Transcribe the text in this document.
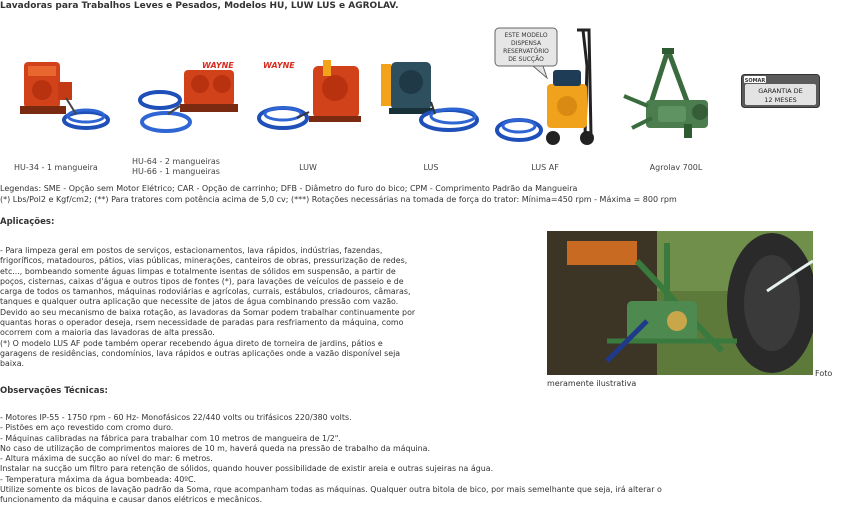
Lavadoras para Trabalhos Leves e Pesados, Modelos HU, LUW LUS e AGROLAV.
HU-34 - 1 mangueira
WAYNE
HU-64 - 2 mangueiras
HU-66 - 1 mangueiras
WAYNE
LUW	LUS
ESTE MODELO
DISPENSA
RESERVATÓRIO
DE SUCÇÃO
LUS AF	Agrolav 700L
SOMAR
GARANTIA DE
12 MESES
Legendas: SME - Opção sem Motor Elétrico; CAR - Opção de carrinho; DFB - Diâmetro do furo do bico; CPM - Comprimento Padrão da Mangueira
(*) Lbs/Pol2 e Kgf/cm2; (**) Para tratores com potência acima de 5,0 cv; (***) Rotações necessárias na tomada de força do trator: Mínima=450 rpm - Máxima = 800 rpm
Aplicações:
- Para limpeza geral em postos de serviços, estacionamentos, lava rápidos, indústrias, fazendas,
frigoríficos, matadouros, pátios, vias públicas, minerações, canteiros de obras, pressurização de redes,
etc..., bombeando somente águas limpas e totalmente isentas de sólidos em suspensão, a partir de
poços, cisternas, caixas d'água e outros tipos de fontes (*), para lavações de veículos de passeio e de
carga de todos os tamanhos, máquinas rodoviárias e agrícolas, currais, estábulos, criadouros, câmaras,
tanques e qualquer outra aplicação que necessite de jatos de água combinando pressão com vazão.
Devido ao seu mecanismo de baixa rotação, as lavadoras da Somar podem trabalhar continuamente por
quantas horas o operador deseja, rsem necessidade de paradas para resfriamento da máquina, como
ocorrem com a maioria das lavadoras de alta pressão.
(*) O modelo LUS AF pode também operar recebendo água direto de torneira de jardins, pátios e
garagens de residências, condomínios, lava rápidos e outras aplicações onde a vazão disponível seja
baixa.
Foto
meramente ilustrativa
Observações Técnicas:
- Motores IP-55 - 1750 rpm - 60 Hz- Monofásicos 22/440 volts ou trifásicos 220/380 volts.
- Pistões em aço revestido com cromo duro.
- Máquinas calibradas na fábrica para trabalhar com 10 metros de mangueira de 1/2".
No caso de utilização de comprimentos maiores de 10 m, haverá queda na pressão de trabalho da máquina.
- Altura máxima de sucção ao nível do mar: 6 metros.
Instalar na sucção um filtro para retenção de sólidos, quando houver possibilidade de existir areia e outras sujeiras na água.
- Temperatura máxima da água bombeada: 40ºC.
Utilize somente os bicos de lavação padrão da Soma, rque acompanham todas as máquinas. Qualquer outra bitola de bico, por mais semelhante que seja, irá alterar o
funcionamento da máquina e causar danos elétricos e mecânicos.
